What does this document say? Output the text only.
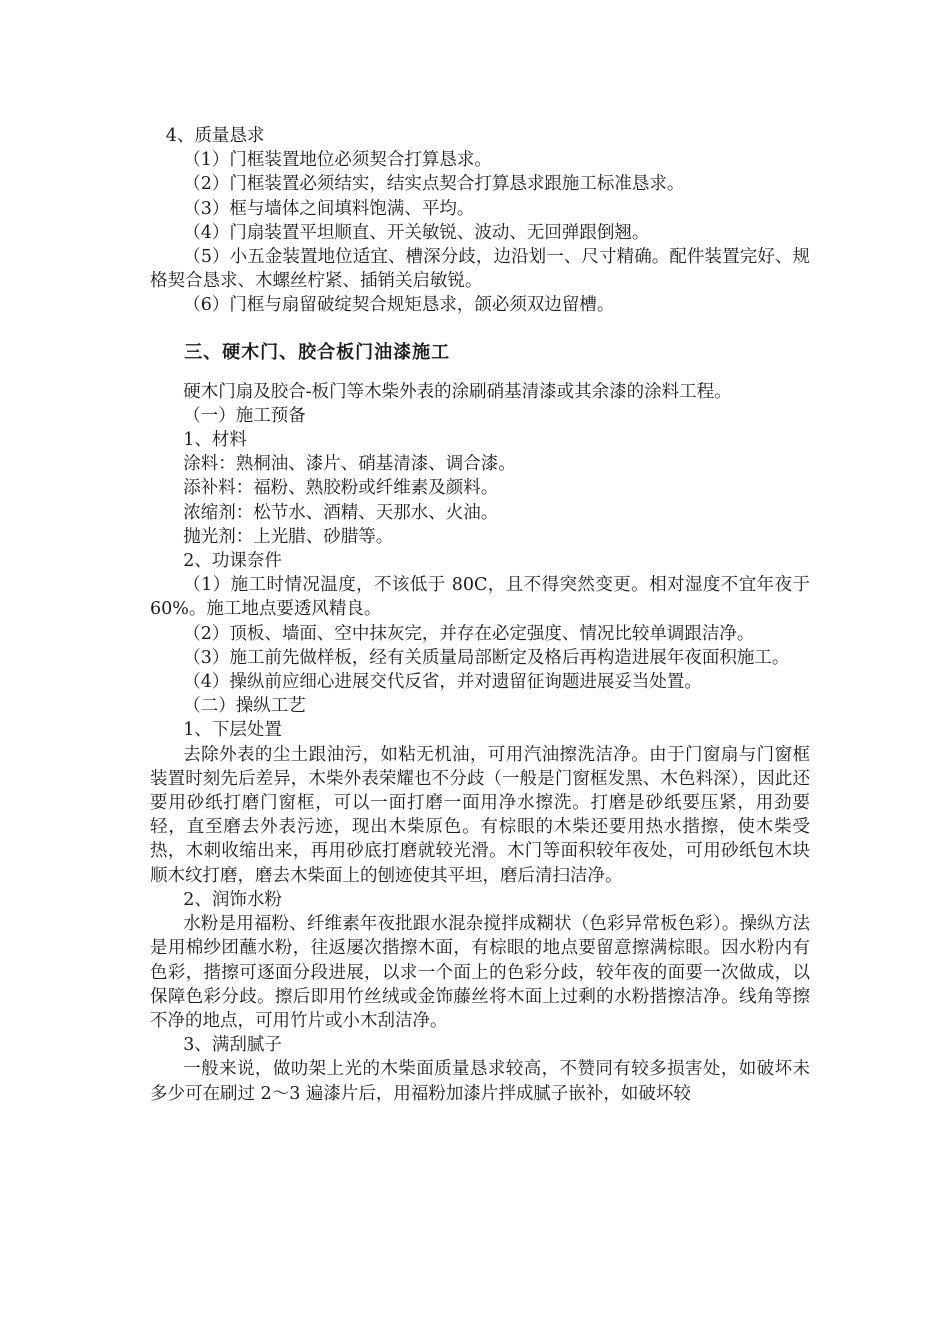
4、质量恳求

（1）门框装置地位必须契合打算恳求。

（2）门框装置必须结实，结实点契合打算恳求跟施工标准恳求。

（3）框与墙体之间填料饱满、平均。

（4）门扇装置平坦顺直、开关敏锐、波动、无回弹跟倒翘。

（5）小五金装置地位适宜、槽深分歧，边沿划一、尺寸精确。配件装置完好、规格契合恳求、木螺丝柠紧、插销关启敏锐。

（6）门框与扇留破绽契合规矩恳求，颌必须双边留槽。

三、硬木门、胶合板门油漆施工

硬木门扇及胶合-板门等木柴外表的涂刷硝基清漆或其余漆的涂料工程。

（一）施工预备

1、材料

涂料：熟桐油、漆片、硝基清漆、调合漆。

添补料：福粉、熟胶粉或纤维素及颜料。

浓缩剂：松节水、酒精、天那水、火油。

抛光剂：上光腊、砂腊等。

2、功课奈件

（1）施工时情况温度，不该低于 80C，且不得突然变更。相对湿度不宜年夜于 60%。施工地点要透风精良。

（2）顶板、墙面、空中抹灰完，并存在必定强度、情况比较单调跟洁净。

（3）施工前先做样板，经有关质量局部断定及格后再构造进展年夜面积施工。

（4）操纵前应细心进展交代反省，并对遗留征询题进展妥当处置。

（二）操纵工艺

1、下层处置

去除外表的尘土跟油污，如粘无机油，可用汽油擦洗洁净。由于门窗扇与门窗框装置时刻先后差异，木柴外表荣耀也不分歧（一般是门窗框发黑、木色料深），因此还要用砂纸打磨门窗框，可以一面打磨一面用净水擦洗。打磨是砂纸要压紧，用劲要轻，直至磨去外表污迹，现出木柴原色。有棕眼的木柴还要用热水揩擦，使木柴受热，木刺收缩出来，再用砂底打磨就较光滑。木门等面积较年夜处，可用砂纸包木块顺木纹打磨，磨去木柴面上的刨迹使其平坦，磨后清扫洁净。

2、润饰水粉

水粉是用福粉、纤维素年夜批跟水混杂搅拌成糊状（色彩异常板色彩）。操纵方法是用棉纱团蘸水粉，往返屡次揩擦木面，有棕眼的地点要留意擦满棕眼。因水粉内有色彩，揩擦可逐面分段进展，以求一个面上的色彩分歧，较年夜的面要一次做成，以保障色彩分歧。擦后即用竹丝绒或金饰藤丝将木面上过剩的水粉揩擦洁净。线角等擦不净的地点，可用竹片或小木刮洁净。

3、满刮腻子

一般来说，做叻架上光的木柴面质量恳求较高，不赞同有较多损害处，如破坏未多少可在刷过 2～3 遍漆片后，用福粉加漆片拌成腻子嵌补，如破坏较
